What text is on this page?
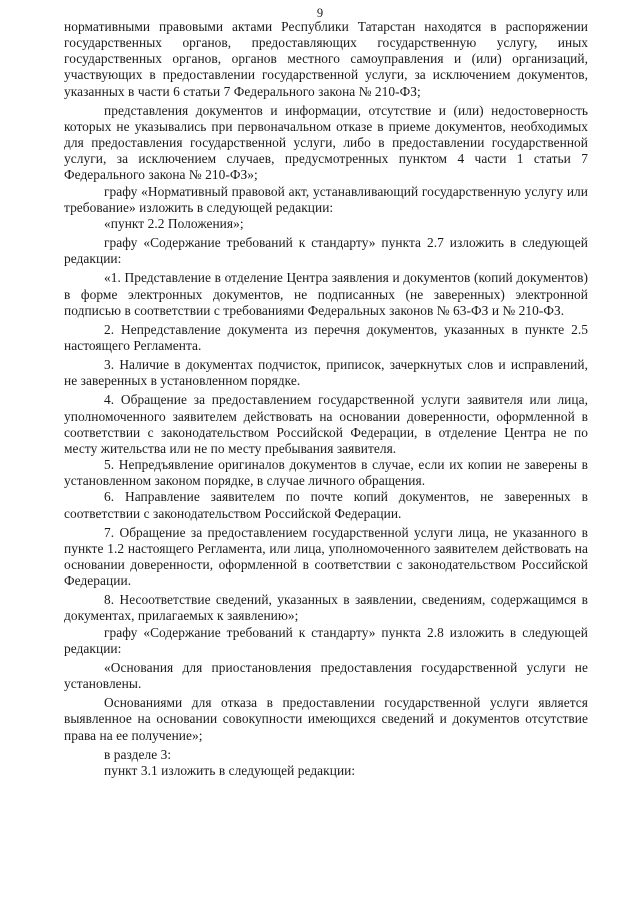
9

нормативными правовыми актами Республики Татарстан находятся в распоряжении государственных органов, предоставляющих государственную услугу, иных государственных органов, органов местного самоуправления и (или) организаций, участвующих в предоставлении государственной услуги, за исключением документов, указанных в части 6 статьи 7 Федерального закона № 210-ФЗ;

представления документов и информации, отсутствие и (или) недостоверность которых не указывались при первоначальном отказе в приеме документов, необходимых для предоставления государственной услуги, либо в предоставлении государственной услуги, за исключением случаев, предусмотренных пунктом 4 части 1 статьи 7 Федерального закона № 210-ФЗ»;

графу «Нормативный правовой акт, устанавливающий государственную услугу или требование» изложить в следующей редакции:

«пункт 2.2 Положения»;

графу «Содержание требований к стандарту» пункта 2.7 изложить в следующей редакции:

«1. Представление в отделение Центра заявления и документов (копий документов) в форме электронных документов, не подписанных (не заверенных) электронной подписью в соответствии с требованиями Федеральных законов № 63-ФЗ и № 210-ФЗ.

2. Непредставление документа из перечня документов, указанных в пункте 2.5 настоящего Регламента.

3. Наличие в документах подчисток, приписок, зачеркнутых слов и исправлений, не заверенных в установленном порядке.

4. Обращение за предоставлением государственной услуги заявителя или лица, уполномоченного заявителем действовать на основании доверенности, оформленной в соответствии с законодательством Российской Федерации, в отделение Центра не по месту жительства или не по месту пребывания заявителя.

5. Непредъявление оригиналов документов в случае, если их копии не заверены в установленном законом порядке, в случае личного обращения.

6. Направление заявителем по почте копий документов, не заверенных в соответствии с законодательством Российской Федерации.

7. Обращение за предоставлением государственной услуги лица, не указанного в пункте 1.2 настоящего Регламента, или лица, уполномоченного заявителем действовать на основании доверенности, оформленной в соответствии с законодательством Российской Федерации.

8. Несоответствие сведений, указанных в заявлении, сведениям, содержащимся в документах, прилагаемых к заявлению»;

графу «Содержание требований к стандарту» пункта 2.8 изложить в следующей редакции:

«Основания для приостановления предоставления государственной услуги не установлены.

Основаниями для отказа в предоставлении государственной услуги является выявленное на основании совокупности имеющихся сведений и документов отсутствие права на ее получение»;

в разделе 3:

пункт 3.1 изложить в следующей редакции:
